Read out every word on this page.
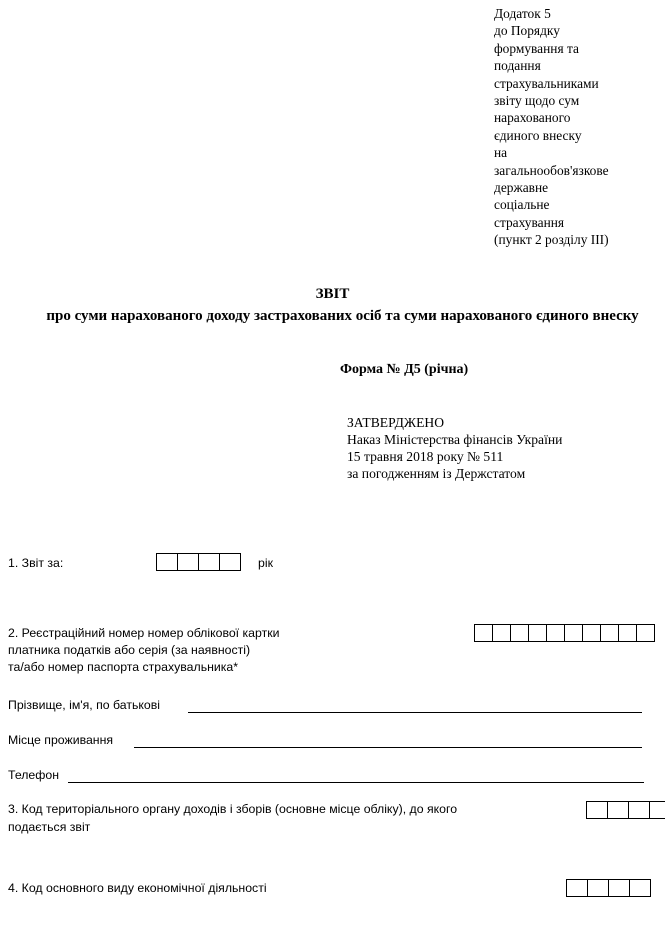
Додаток 5
до Порядку
формування та
подання
страхувальниками
звіту щодо сум
нарахованого
єдиного внеску
на
загальнообов'язкове
державне
соціальне
страхування
(пункт 2 розділу ІІІ)
ЗВІТ
про суми нарахованого доходу застрахованих осіб та суми нарахованого єдиного внеску
Форма № Д5 (річна)
ЗАТВЕРДЖЕНО
Наказ Міністерства фінансів України
15 травня 2018 року № 511
за погодженням із Держстатом
1. Звіт за:	рік
2. Реєстраційний номер номер облікової картки
платника податків або серія (за наявності)
та/або номер паспорта страхувальника*
Прізвище, ім'я, по батькові
Місце проживання
Телефон
3. Код територіального органу доходів і зборів (основне місце обліку), до якого
подається звіт
4. Код основного виду економічної діяльності
